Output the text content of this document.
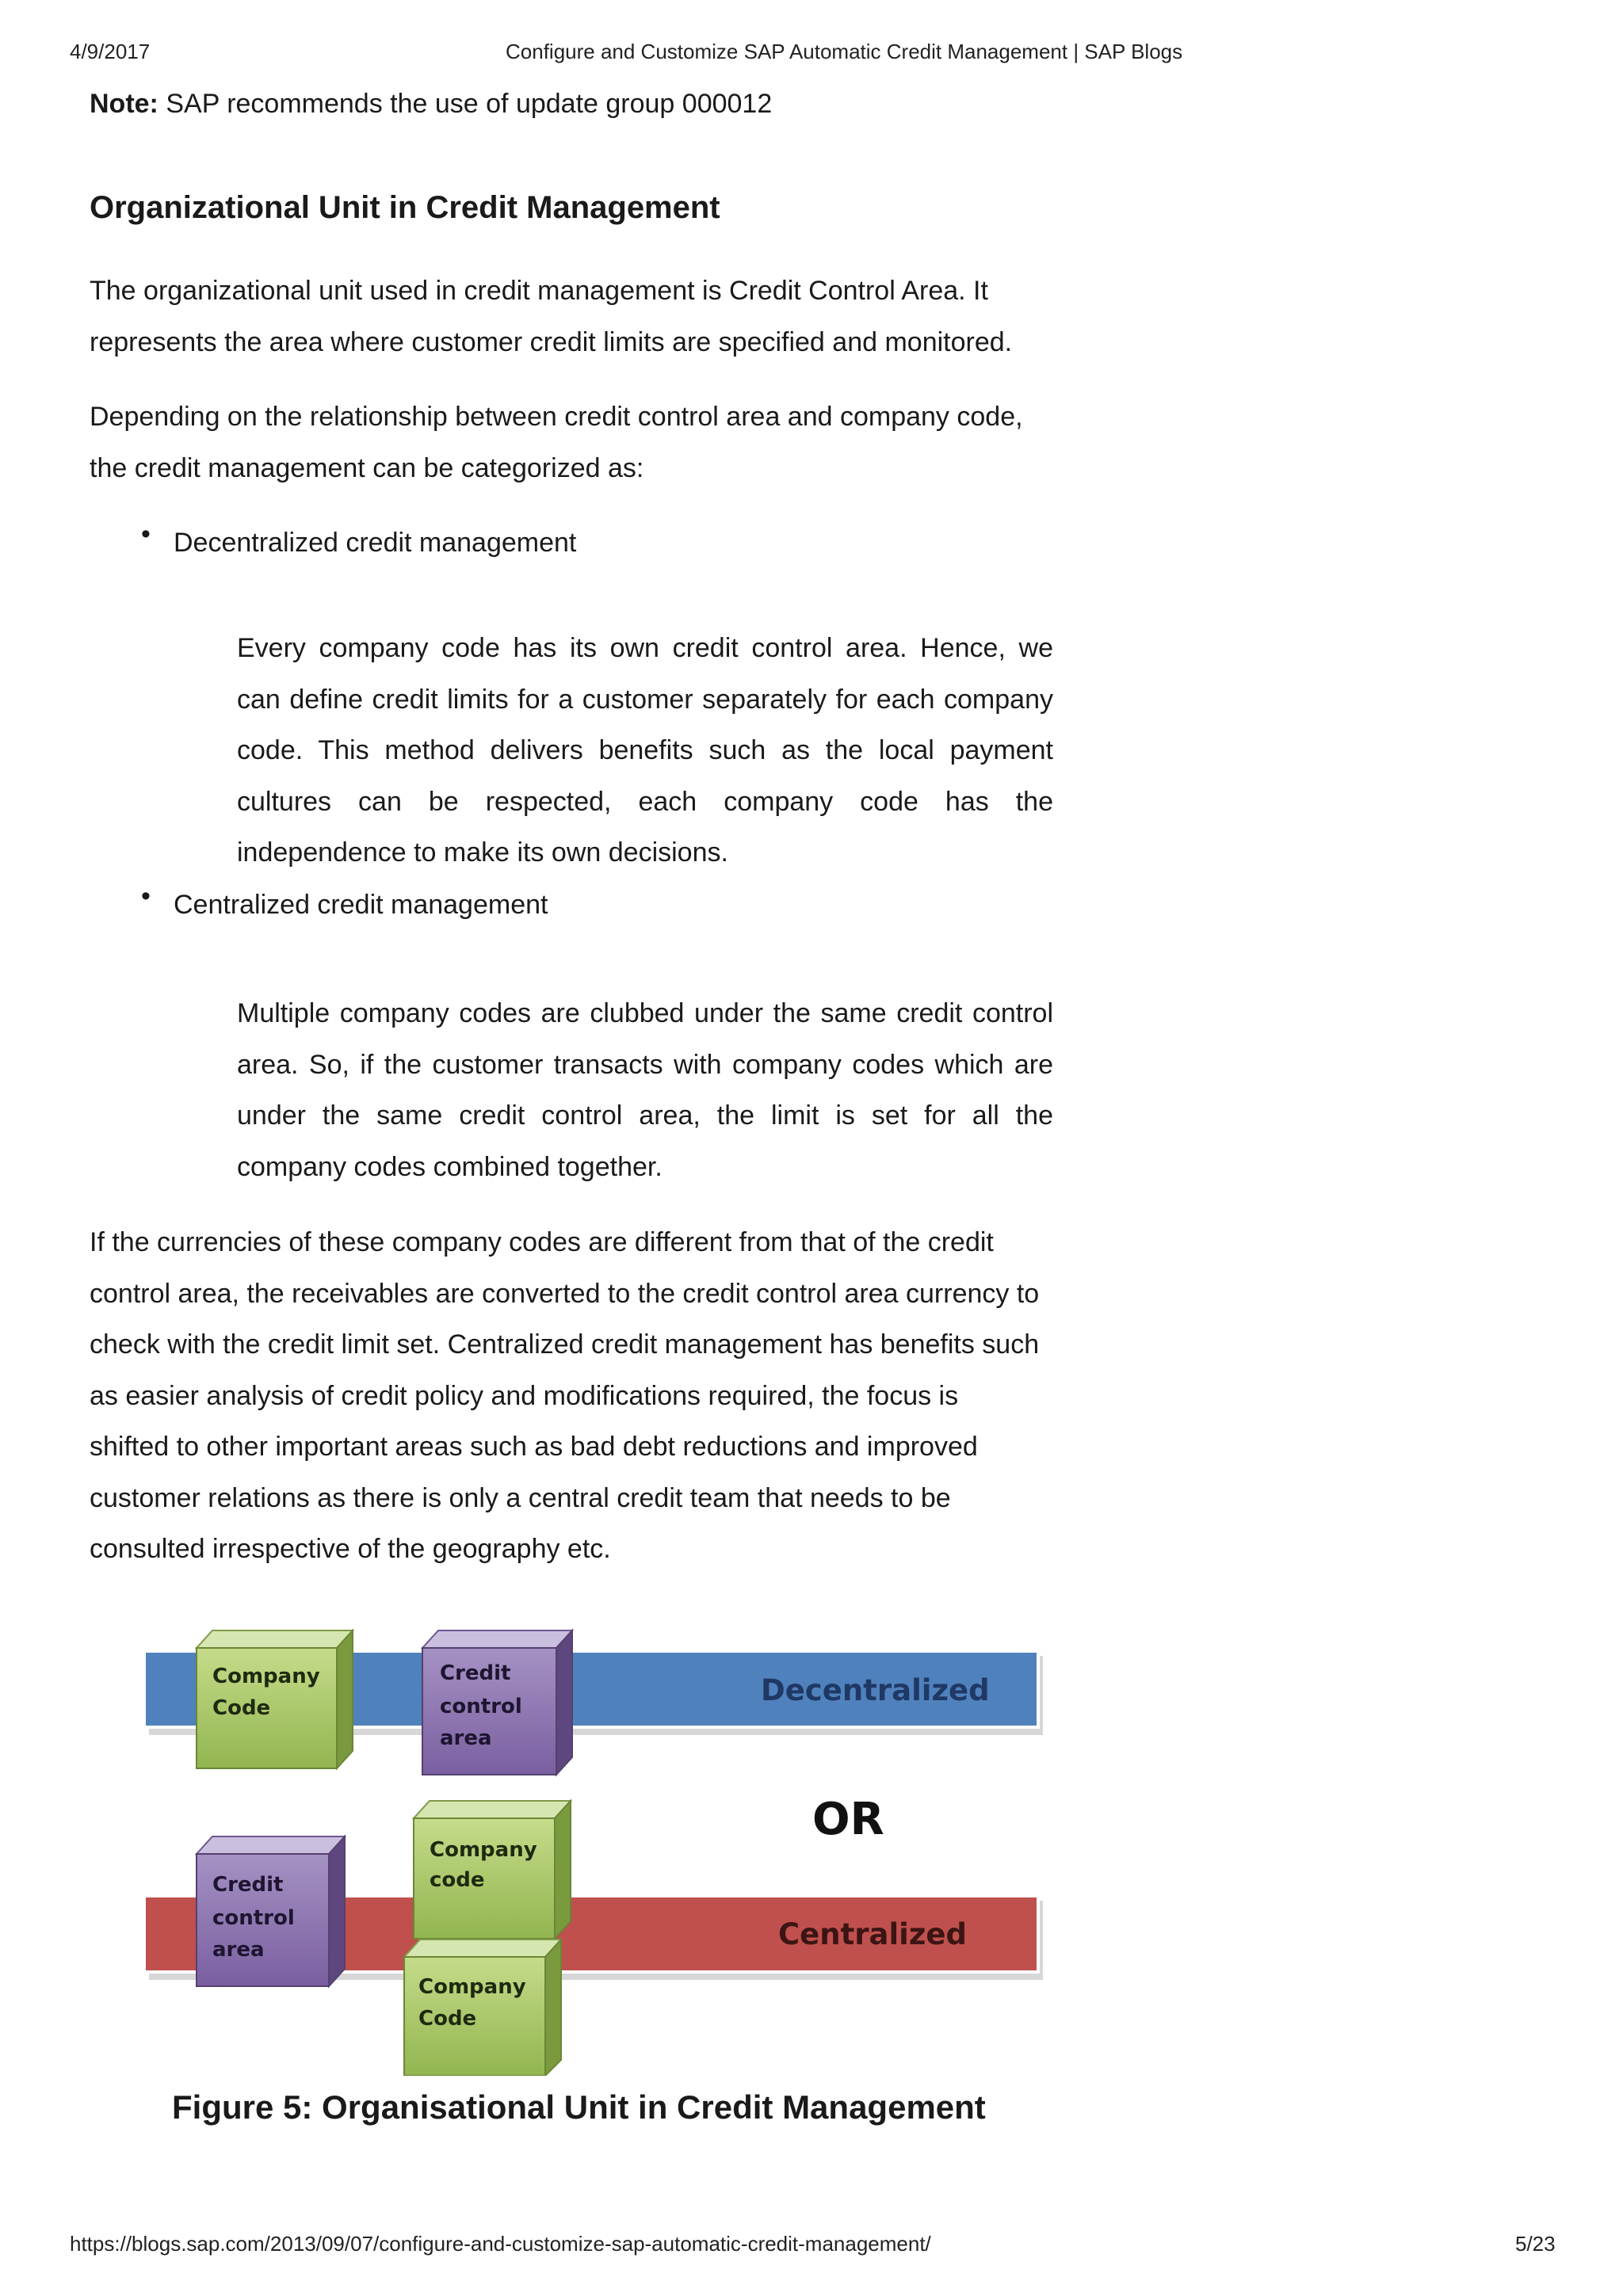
4/9/2017	Configure and Customize SAP Automatic Credit Management | SAP Blogs
Note: SAP recommends the use of update group 000012
Organizational Unit in Credit Management
The organizational unit used in credit management is Credit Control Area. It
represents the area where customer credit limits are specified and monitored.
Depending on the relationship between credit control area and company code,
the credit management can be categorized as:
• Decentralized credit management
Every company code has its own credit control area. Hence, we
can define credit limits for a customer separately for each company
code. This method delivers benefits such as the local payment
cultures can be respected, each company code has the
independence to make its own decisions.
• Centralized credit management
Multiple company codes are clubbed under the same credit control
area. So, if the customer transacts with company codes which are
under the same credit control area, the limit is set for all the
company codes combined together.
If the currencies of these company codes are different from that of the credit
control area, the receivables are converted to the credit control area currency to
check with the credit limit set. Centralized credit management has benefits such
as easier analysis of credit policy and modifications required, the focus is
shifted to other important areas such as bad debt reductions and improved
customer relations as there is only a central credit team that needs to be
consulted irrespective of the geography etc.
Decentralized
Company
Code
Credit
control
area
OR
Centralized
Company
code
Credit
control
area
Company
Code
Figure 5: Organisational Unit in Credit Management
https://blogs.sap.com/2013/09/07/configure-and-customize-sap-automatic-credit-management/	5/23
